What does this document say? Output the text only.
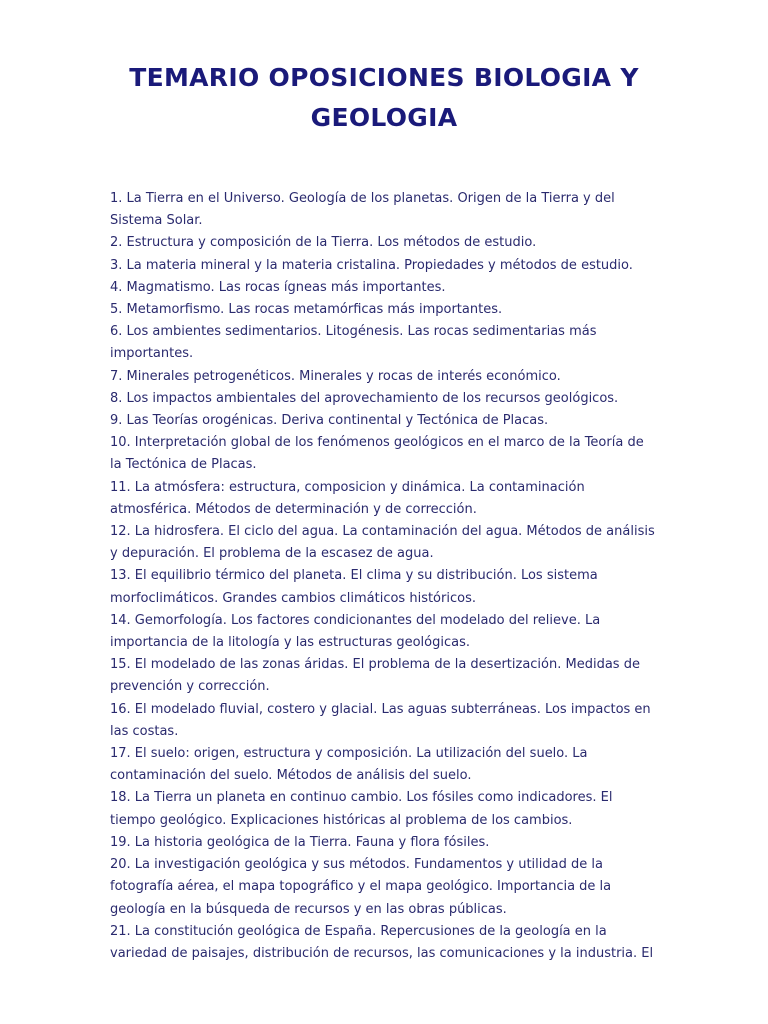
TEMARIO OPOSICIONES BIOLOGIA Y GEOLOGIA
1. La Tierra en el Universo. Geología de los planetas. Origen de la Tierra y del Sistema Solar.
2. Estructura y composición de la Tierra. Los métodos de estudio.
3. La materia mineral y la materia cristalina. Propiedades y métodos de estudio.
4. Magmatismo. Las rocas ígneas más importantes.
5. Metamorfismo. Las rocas metamórficas más importantes.
6. Los ambientes sedimentarios. Litogénesis. Las rocas sedimentarias más importantes.
7. Minerales petrogenéticos. Minerales y rocas de interés económico.
8. Los impactos ambientales del aprovechamiento de los recursos geológicos.
9. Las Teorías orogénicas. Deriva continental y Tectónica de Placas.
10. Interpretación global de los fenómenos geológicos en el marco de la Teoría de la Tectónica de Placas.
11. La atmósfera: estructura, composicion y dinámica. La contaminación atmosférica. Métodos de determinación y de corrección.
12. La hidrosfera. El ciclo del agua. La contaminación del agua. Métodos de análisis y depuración. El problema de la escasez de agua.
13. El equilibrio térmico del planeta. El clima y su distribución. Los sistema morfoclimáticos. Grandes cambios climáticos históricos.
14. Gemorfología. Los factores condicionantes del modelado del relieve. La importancia de la litología y las estructuras geológicas.
15. El modelado de las zonas áridas. El problema de la desertización. Medidas de prevención y corrección.
16. El modelado fluvial, costero y glacial. Las aguas subterráneas. Los impactos en las costas.
17. El suelo: origen, estructura y composición. La utilización del suelo. La contaminación del suelo. Métodos de análisis del suelo.
18. La Tierra un planeta en continuo cambio. Los fósiles como indicadores. El tiempo geológico. Explicaciones históricas al problema de los cambios.
19. La historia geológica de la Tierra. Fauna y flora fósiles.
20. La investigación geológica y sus métodos. Fundamentos y utilidad de la fotografía aérea, el mapa topográfico y el mapa geológico. Importancia de la geología en la búsqueda de recursos y en las obras públicas.
21. La constitución geológica de España. Repercusiones de la geología en la variedad de paisajes, distribución de recursos, las comunicaciones y la industria. El
